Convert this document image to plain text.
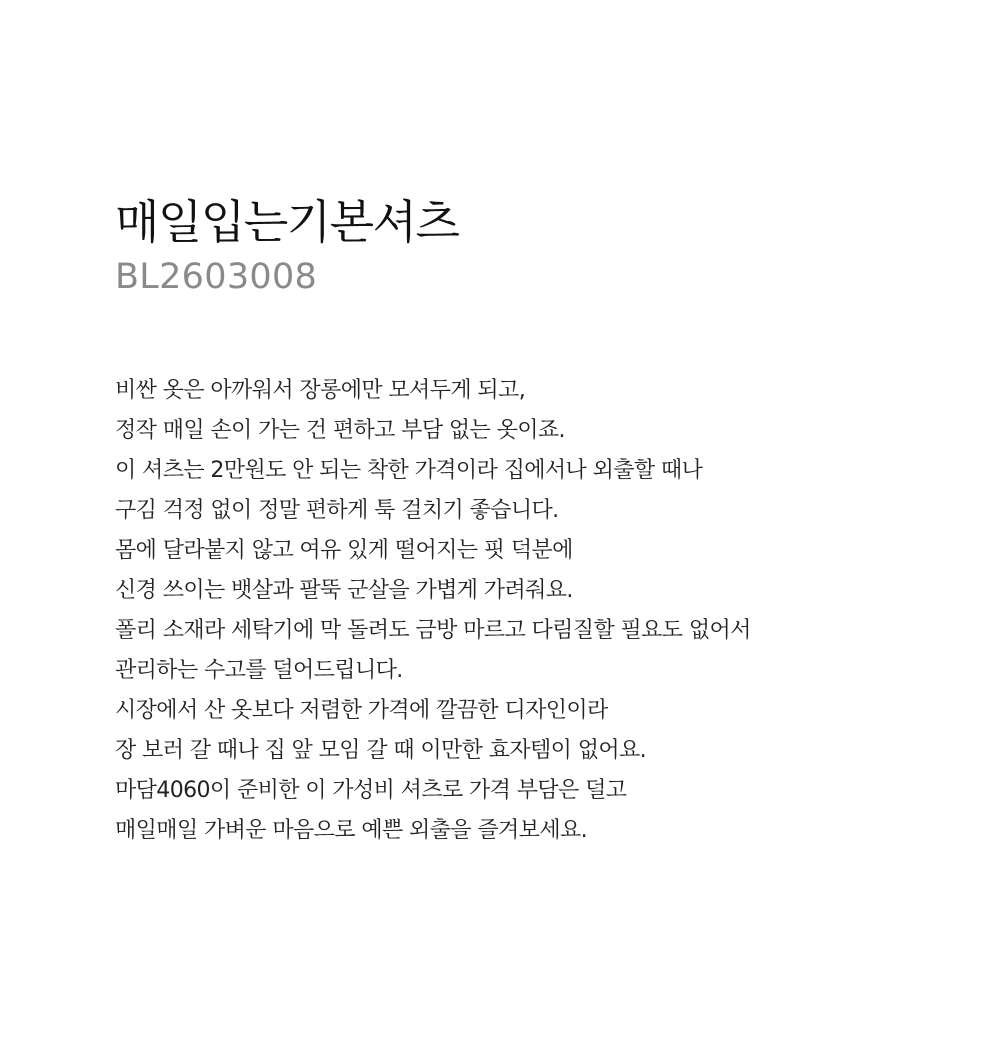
매일입는기본셔츠

BL2603008

비싼 옷은 아까워서 장롱에만 모셔두게 되고,
정작 매일 손이 가는 건 편하고 부담 없는 옷이죠.
이 셔츠는 2만원도 안 되는 착한 가격이라 집에서나 외출할 때나
구김 걱정 없이 정말 편하게 툭 걸치기 좋습니다.
몸에 달라붙지 않고 여유 있게 떨어지는 핏 덕분에
신경 쓰이는 뱃살과 팔뚝 군살을 가볍게 가려줘요.
폴리 소재라 세탁기에 막 돌려도 금방 마르고 다림질할 필요도 없어서
관리하는 수고를 덜어드립니다.
시장에서 산 옷보다 저렴한 가격에 깔끔한 디자인이라
장 보러 갈 때나 집 앞 모임 갈 때 이만한 효자템이 없어요.
마담4060이 준비한 이 가성비 셔츠로 가격 부담은 덜고
매일매일 가벼운 마음으로 예쁜 외출을 즐겨보세요.
